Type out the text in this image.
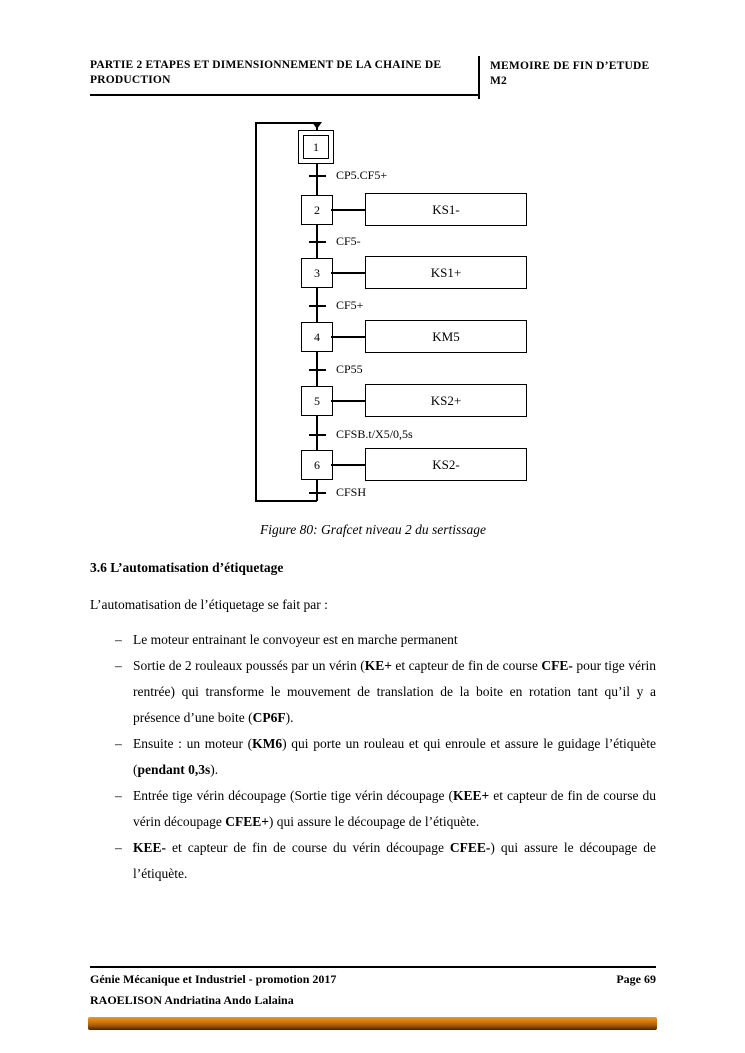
PARTIE 2 ETAPES ET DIMENSIONNEMENT DE LA CHAINE DE
PRODUCTION
MEMOIRE DE FIN D’ETUDE M2
1
CP5.CF5+
2	KS1-
CF5-
3	KS1+
CF5+
4	KM5
CP55
5	KS2+
CFSB.t/X5/0,5s
6	KS2-
CFSH
Figure 80: Grafcet niveau 2 du sertissage
3.6 L’automatisation d’étiquetage
L’automatisation de l’étiquetage se fait par :
– Le moteur entrainant le convoyeur est en marche permanent
– Sortie de 2 rouleaux poussés par un vérin (KE+ et capteur de fin de course CFE- pour tige vérin rentrée) qui transforme le mouvement de translation de la boite en rotation tant qu’il y a présence d’une boite (CP6F).
– Ensuite : un moteur (KM6) qui porte un rouleau et qui enroule et assure le guidage l’étiquète (pendant 0,3s).
– Entrée tige vérin découpage (Sortie tige vérin découpage (KEE+ et capteur de fin de course du vérin découpage CFEE+) qui assure le découpage de l’étiquète.
– KEE- et capteur de fin de course du vérin découpage CFEE-) qui assure le découpage de l’étiquète.
Génie Mécanique et Industriel - promotion 2017	Page 69
RAOELISON Andriatina Ando Lalaina
